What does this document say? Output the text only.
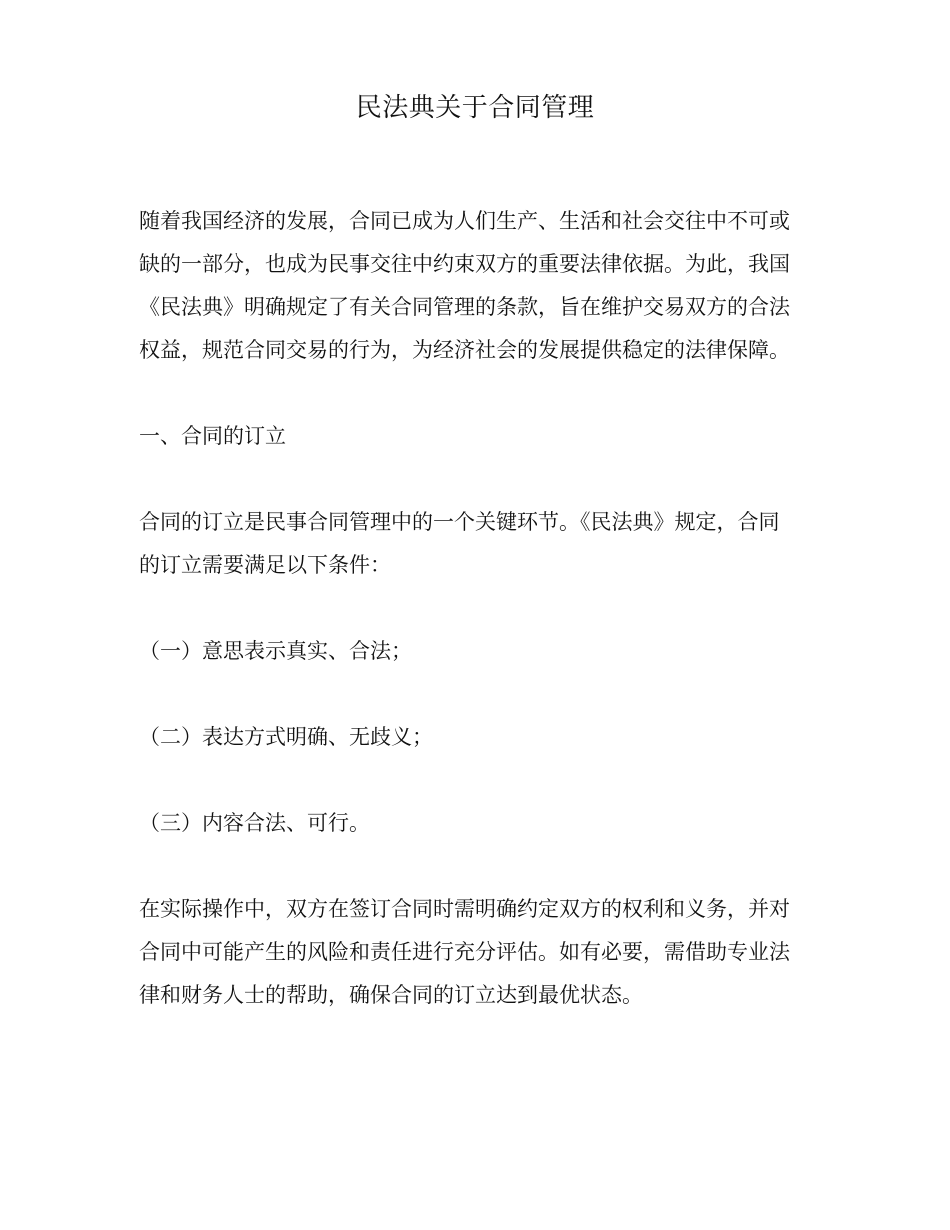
民法典关于合同管理

随着我国经济的发展，合同已成为人们生产、生活和社会交往中不可或缺的一部分，也成为民事交往中约束双方的重要法律依据。为此，我国《民法典》明确规定了有关合同管理的条款，旨在维护交易双方的合法权益，规范合同交易的行为，为经济社会的发展提供稳定的法律保障。

一、合同的订立

合同的订立是民事合同管理中的一个关键环节。《民法典》规定，合同的订立需要满足以下条件：

（一）意思表示真实、合法；

（二）表达方式明确、无歧义；

（三）内容合法、可行。

在实际操作中，双方在签订合同时需明确约定双方的权利和义务，并对合同中可能产生的风险和责任进行充分评估。如有必要，需借助专业法律和财务人士的帮助，确保合同的订立达到最优状态。
